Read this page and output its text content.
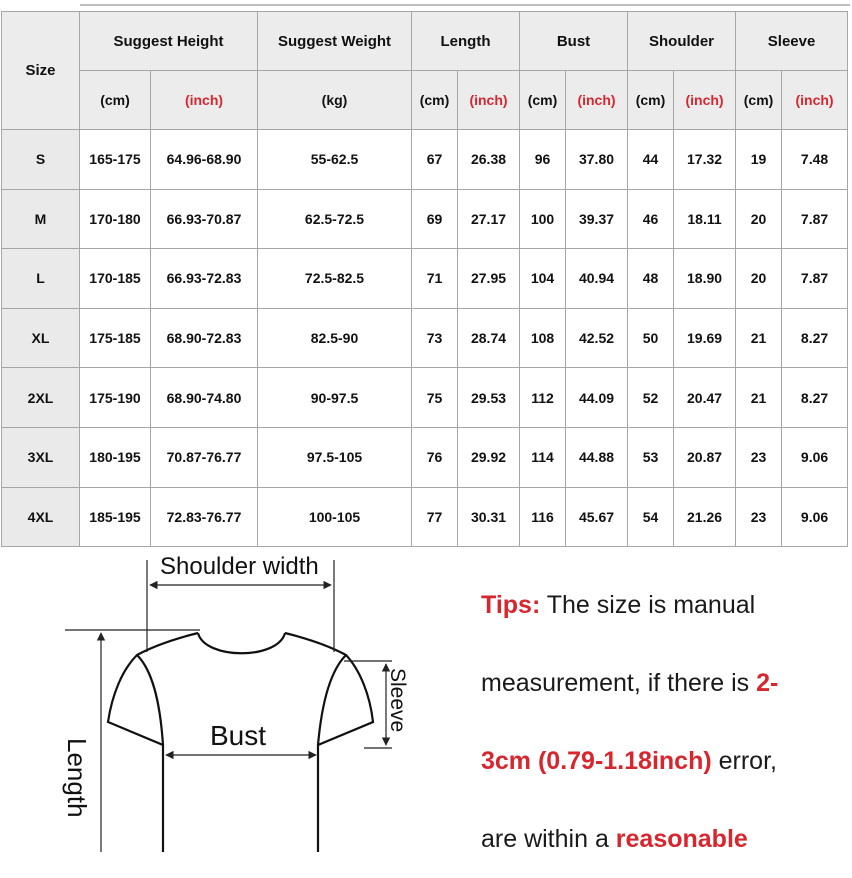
Size	Suggest Height		Suggest Weight	Length		Bust		Shoulder		Sleeve	
	(cm)	(inch)	(kg)	(cm)	(inch)	(cm)	(inch)	(cm)	(inch)	(cm)	(inch)
S	165-175	64.96-68.90	55-62.5	67	26.38	96	37.80	44	17.32	19	7.48
M	170-180	66.93-70.87	62.5-72.5	69	27.17	100	39.37	46	18.11	20	7.87
L	170-185	66.93-72.83	72.5-82.5	71	27.95	104	40.94	48	18.90	20	7.87
XL	175-185	68.90-72.83	82.5-90	73	28.74	108	42.52	50	19.69	21	8.27
2XL	175-190	68.90-74.80	90-97.5	75	29.53	112	44.09	52	20.47	21	8.27
3XL	180-195	70.87-76.77	97.5-105	76	29.92	114	44.88	53	20.87	23	9.06
4XL	185-195	72.83-76.77	100-105	77	30.31	116	45.67	54	21.26	23	9.06
Shoulder width
Bust
Length
Sleeve

Tips: The size is manual

measurement, if there is 2-

3cm (0.79-1.18inch) error,

are within a reasonable
